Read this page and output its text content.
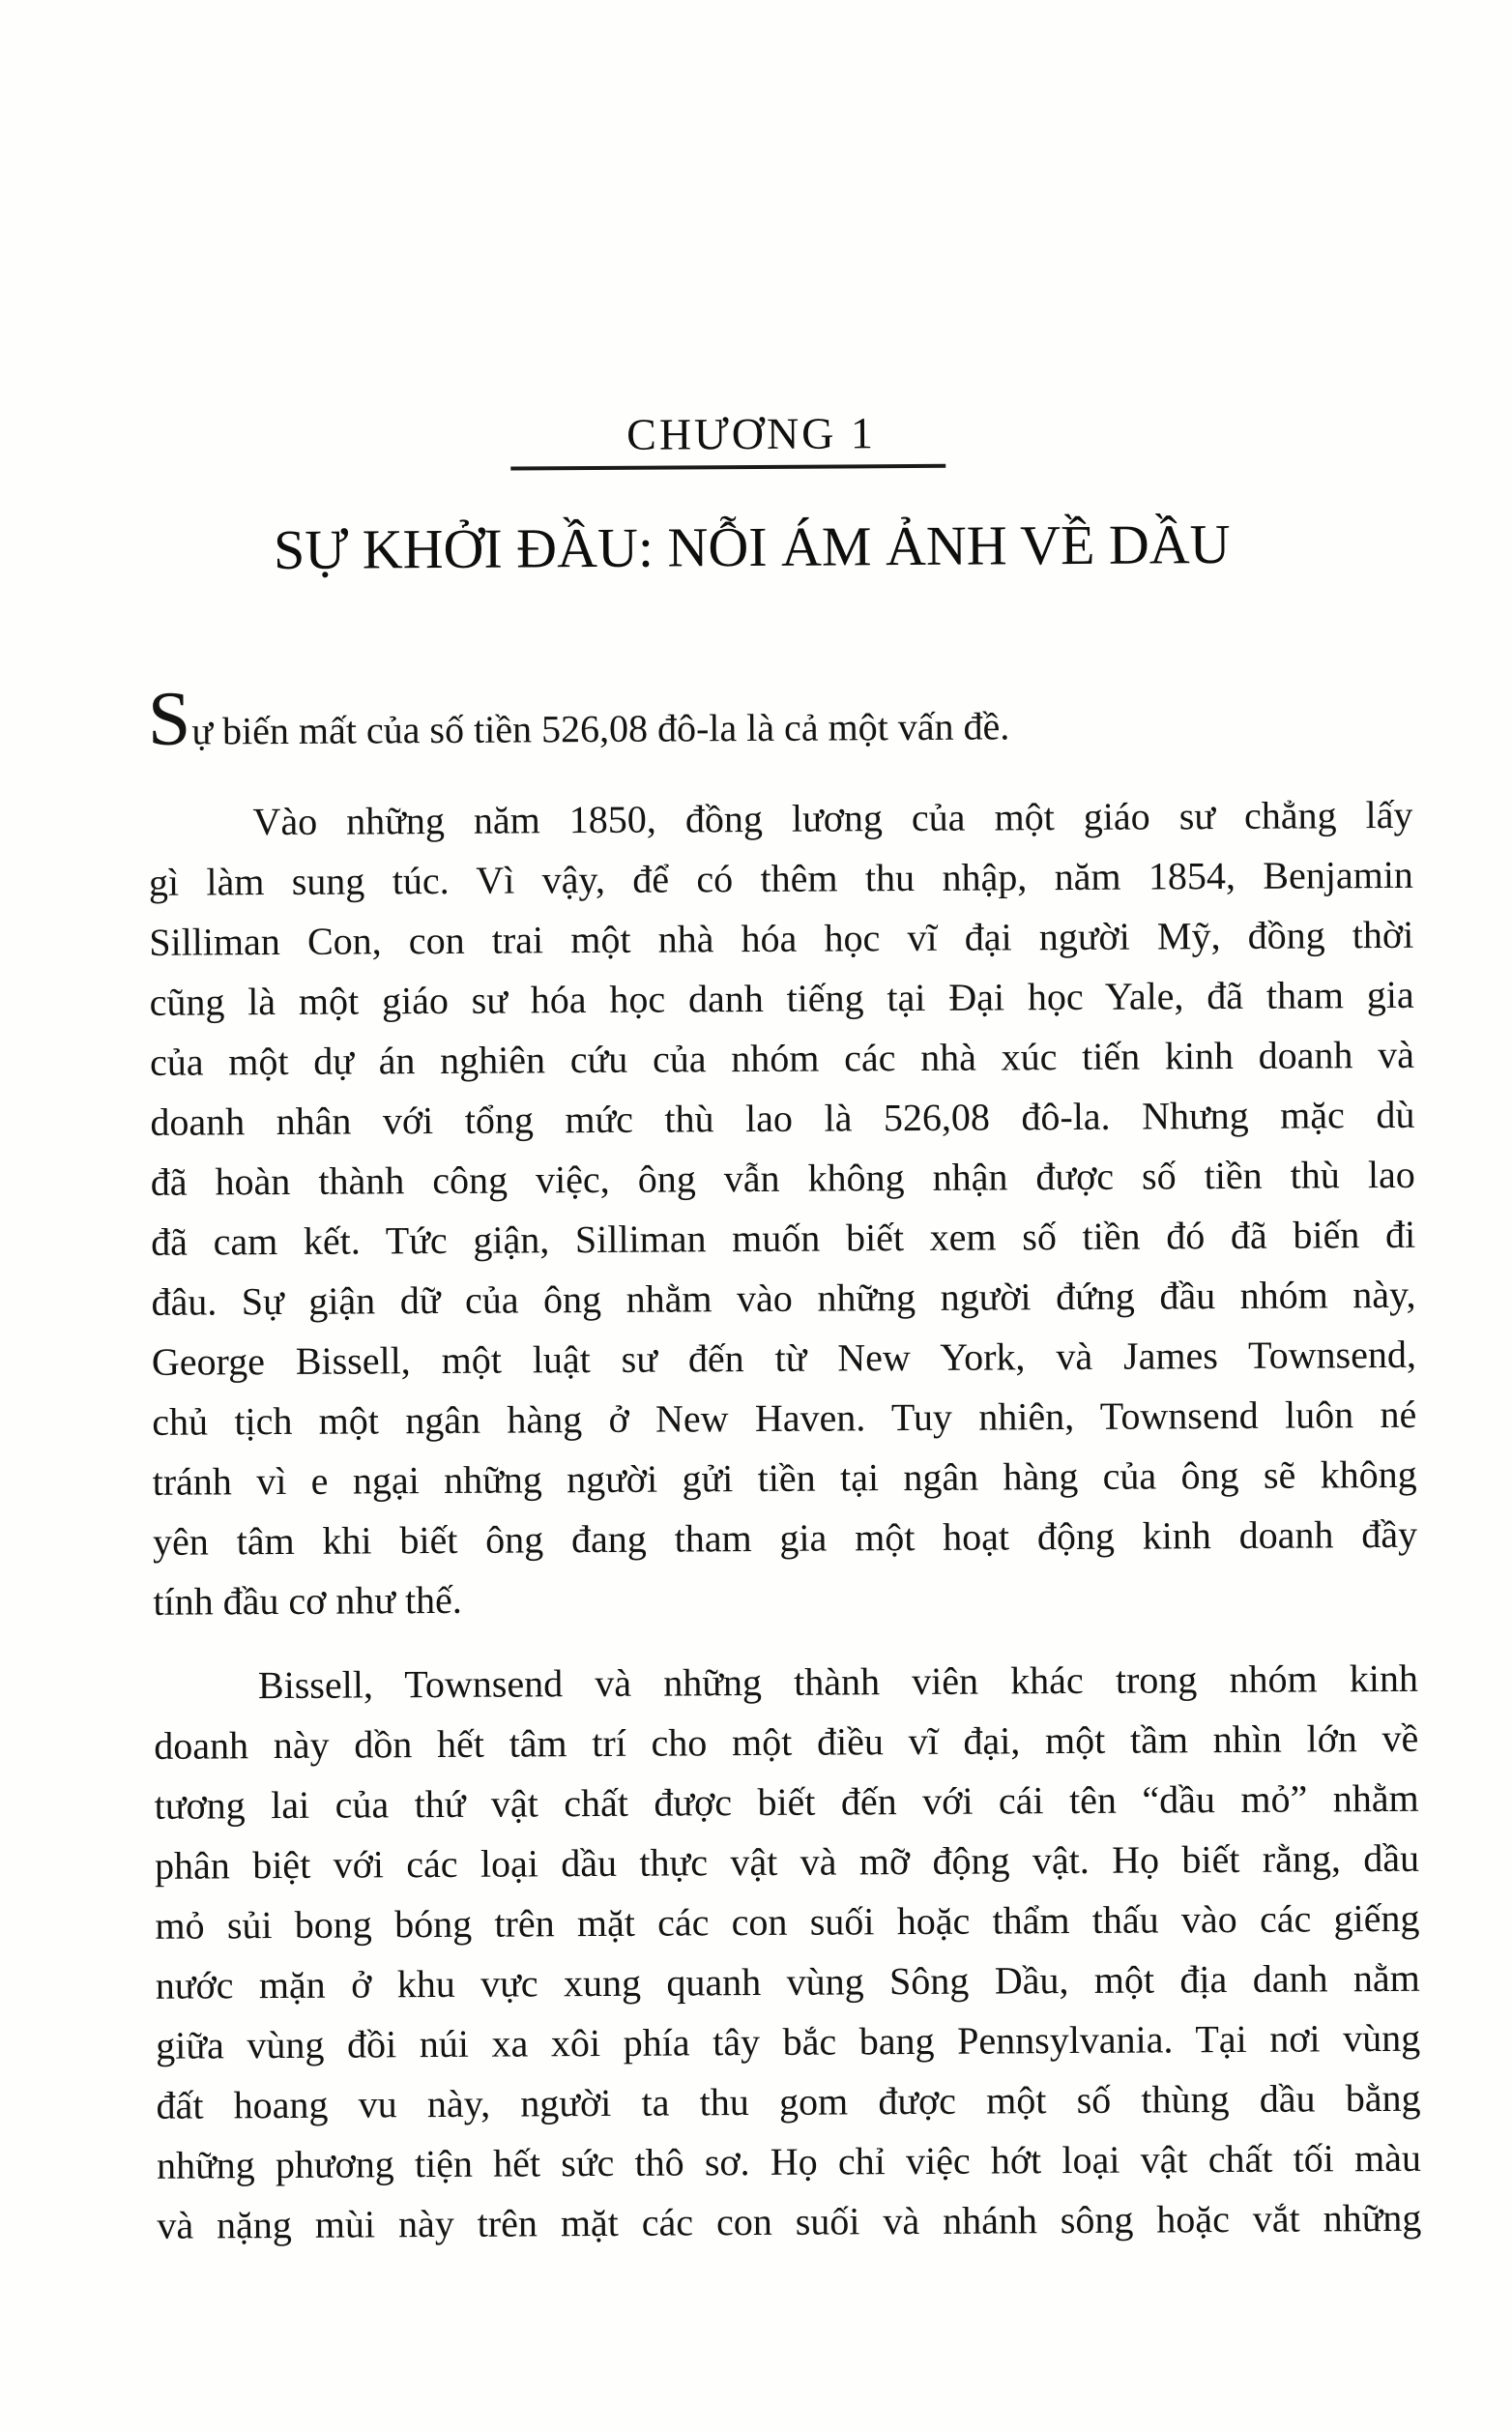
CHƯƠNG 1
SỰ KHỞI ĐẦU: NỖI ÁM ẢNH VỀ DẦU
Sự biến mất của số tiền 526,08 đô-la là cả một vấn đề.
Vào những năm 1850, đồng lương của một giáo sư chẳng lấy
gì làm sung túc. Vì vậy, để có thêm thu nhập, năm 1854, Benjamin
Silliman Con, con trai một nhà hóa học vĩ đại người Mỹ, đồng thời
cũng là một giáo sư hóa học danh tiếng tại Đại học Yale, đã tham gia
của một dự án nghiên cứu của nhóm các nhà xúc tiến kinh doanh và
doanh nhân với tổng mức thù lao là 526,08 đô-la. Nhưng mặc dù
đã hoàn thành công việc, ông vẫn không nhận được số tiền thù lao
đã cam kết. Tức giận, Silliman muốn biết xem số tiền đó đã biến đi
đâu. Sự giận dữ của ông nhằm vào những người đứng đầu nhóm này,
George Bissell, một luật sư đến từ New York, và James Townsend,
chủ tịch một ngân hàng ở New Haven. Tuy nhiên, Townsend luôn né
tránh vì e ngại những người gửi tiền tại ngân hàng của ông sẽ không
yên tâm khi biết ông đang tham gia một hoạt động kinh doanh đầy
tính đầu cơ như thế.
Bissell, Townsend và những thành viên khác trong nhóm kinh
doanh này dồn hết tâm trí cho một điều vĩ đại, một tầm nhìn lớn về
tương lai của thứ vật chất được biết đến với cái tên “dầu mỏ” nhằm
phân biệt với các loại dầu thực vật và mỡ động vật. Họ biết rằng, dầu
mỏ sủi bong bóng trên mặt các con suối hoặc thẩm thấu vào các giếng
nước mặn ở khu vực xung quanh vùng Sông Dầu, một địa danh nằm
giữa vùng đồi núi xa xôi phía tây bắc bang Pennsylvania. Tại nơi vùng
đất hoang vu này, người ta thu gom được một số thùng dầu bằng
những phương tiện hết sức thô sơ. Họ chỉ việc hớt loại vật chất tối màu
và nặng mùi này trên mặt các con suối và nhánh sông hoặc vắt những
